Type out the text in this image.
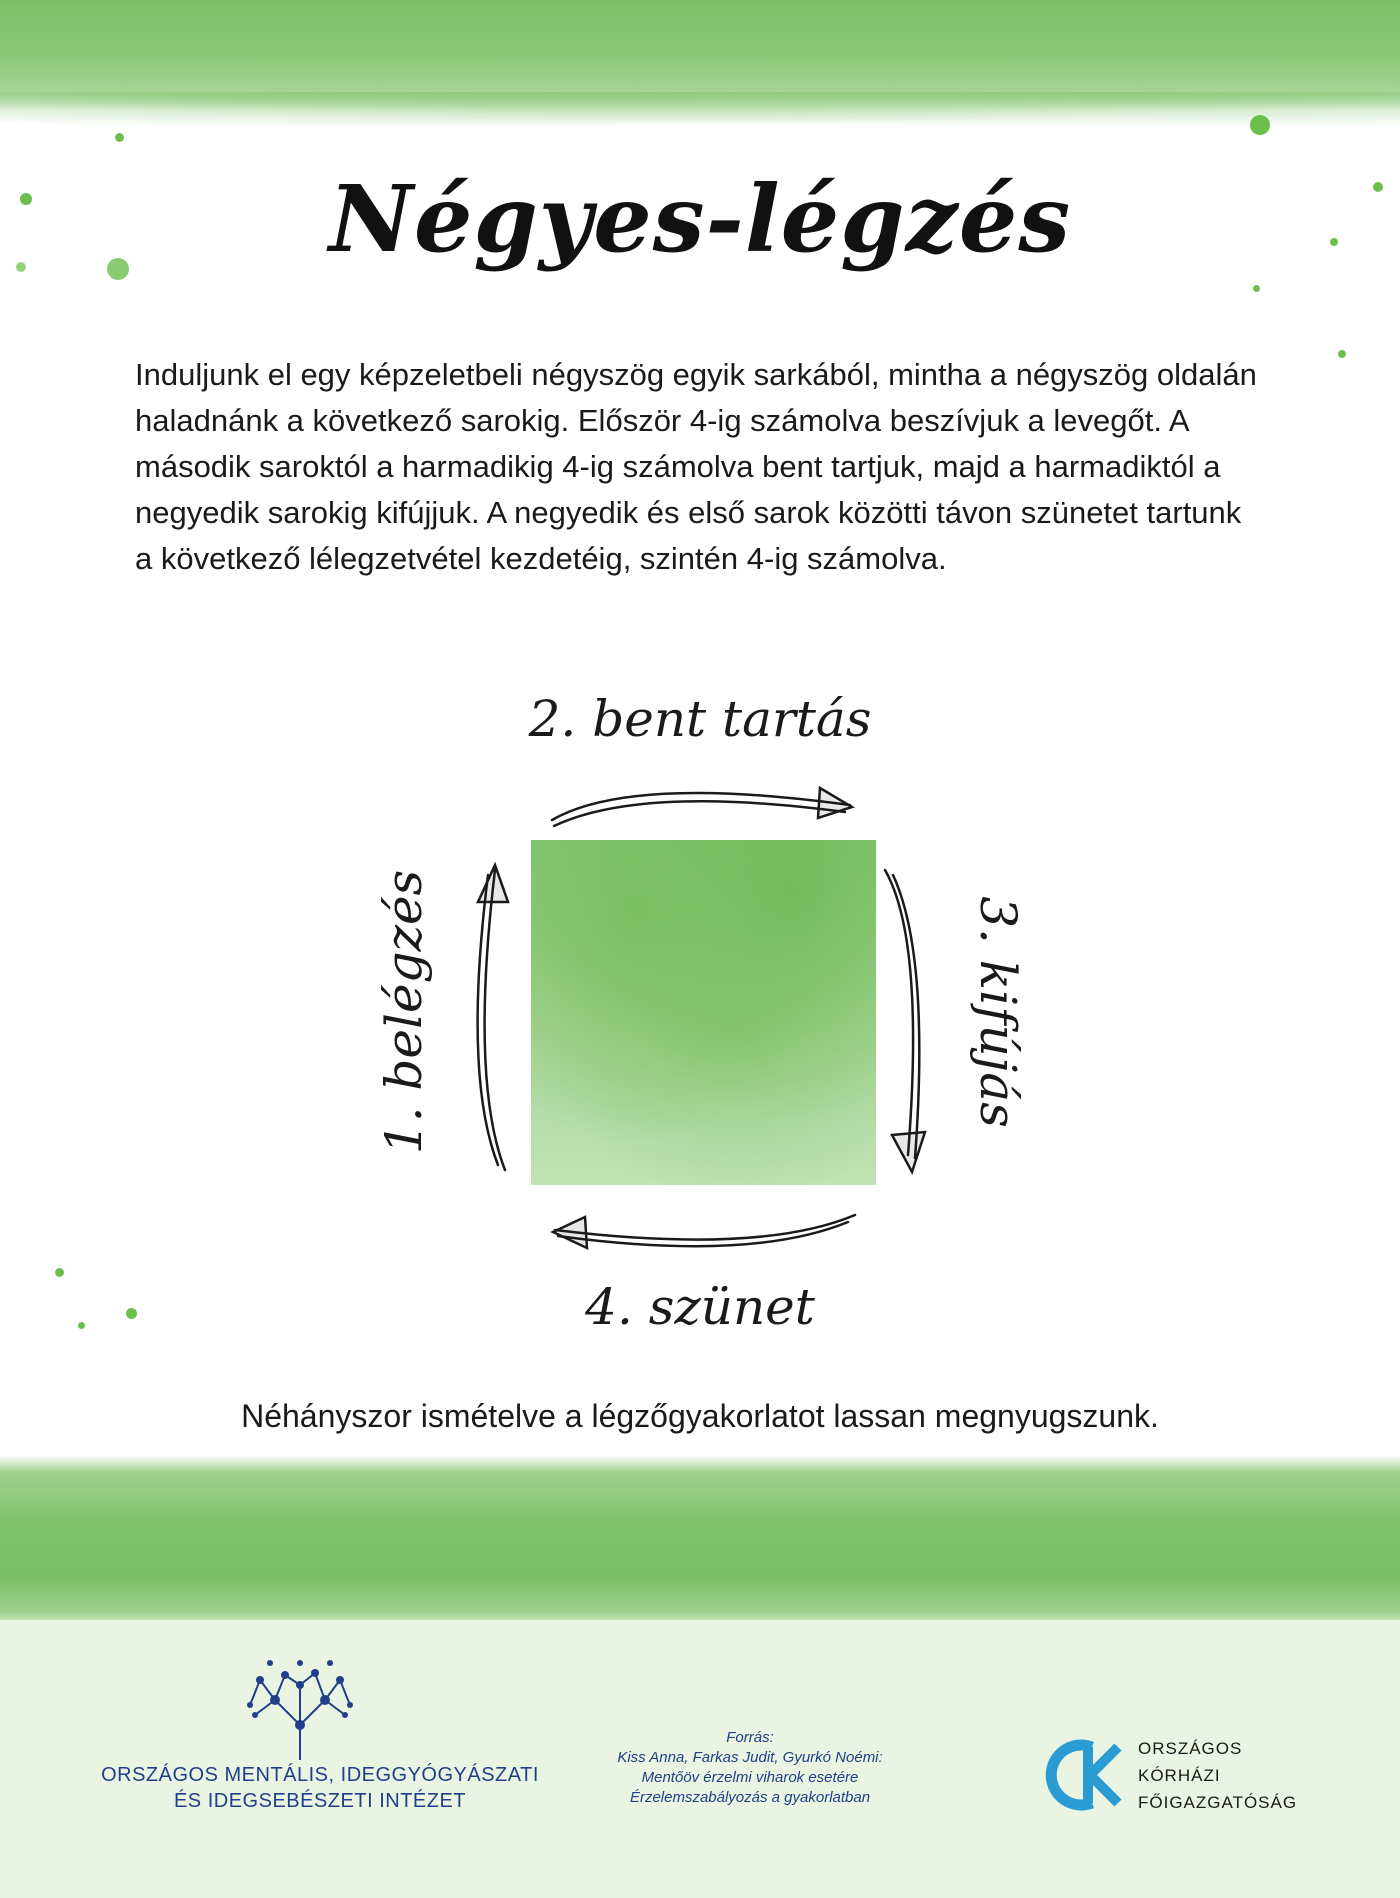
Négyes-légzés
Induljunk el egy képzeletbeli négyszög egyik sarkából, mintha a négyszög oldalán haladnánk a következő sarokig. Először 4-ig számolva beszívjuk a levegőt. A második saroktól a harmadikig 4-ig számolva bent tartjuk, majd a harmadiktól a negyedik sarokig kifújjuk. A negyedik és első sarok közötti távon szünetet tartunk a következő lélegzetvétel kezdetéig, szintén 4-ig számolva.
2. bent tartás
3. kifújás
4. szünet
1. belégzés
Néhányszor ismételve a légzőgyakorlatot lassan megnyugszunk.
ORSZÁGOS MENTÁLIS, IDEGGYÓGYÁSZATI
ÉS IDEGSEBÉSZETI INTÉZET
Forrás:
Kiss Anna, Farkas Judit, Gyurkó Noémi:
Mentőöv érzelmi viharok esetére
Érzelemszabályozás a gyakorlatban
ORSZÁGOS
KÓRHÁZI
FŐIGAZGATÓSÁG
